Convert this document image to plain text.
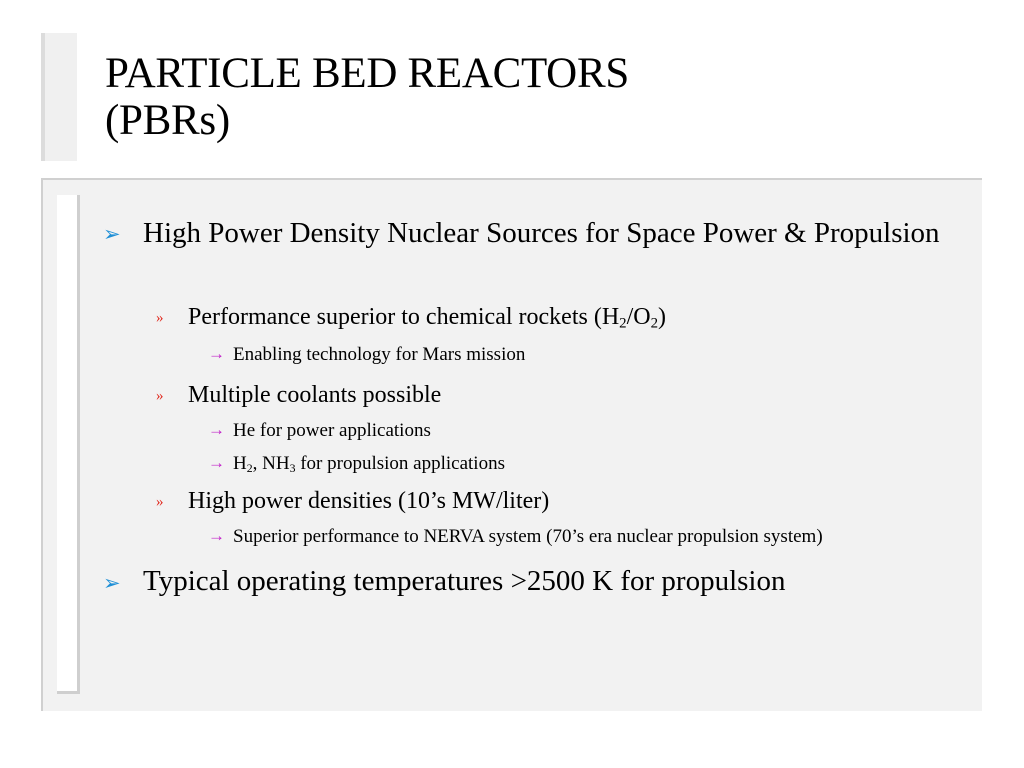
PARTICLE BED REACTORS
(PBRs)
➢ High Power Density Nuclear Sources for Space Power & Propulsion
» Performance superior to chemical rockets $(H_2/O_2)$
→ Enabling technology for Mars mission
» Multiple coolants possible
→ He for power applications
→ $H_2$, $NH_3$ for propulsion applications
» High power densities (10’s MW/liter)
→ Superior performance to NERVA system (70’s era nuclear propulsion system)
➢ Typical operating temperatures >2500 K for propulsion
